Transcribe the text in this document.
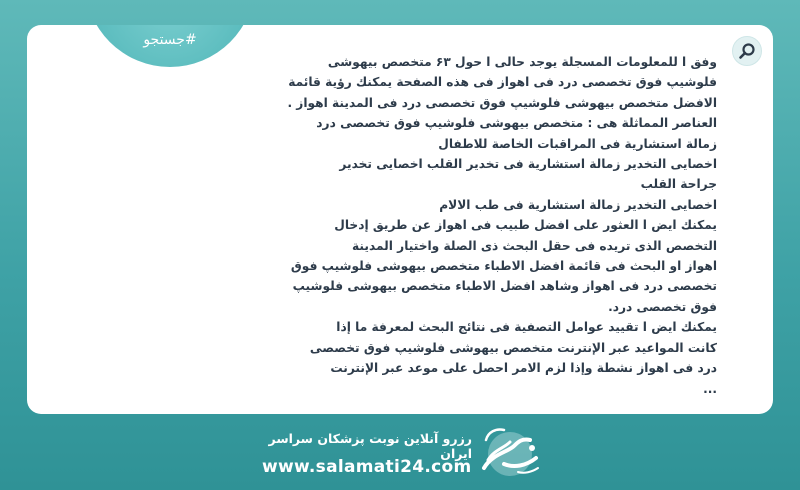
#جستجو

وفق ا للمعلومات المسجلة يوجد حالى ا حول ۶۳ متخصص بیهوشی

فلوشیپ فوق تخصصی درد فی اهواز فی هذه الصفحة یمكنك رؤیة قائمة

الافضل متخصص بیهوشی فلوشیپ فوق تخصصی درد فی المدینة اهواز .

العناصر المماثلة هی : متخصص بیهوشی فلوشیپ فوق تخصصی درد

زمالة استشارية فی المراقبات الخاصة للاطفال

اخصایی التخدیر زمالة استشارية فی تخدیر القلب اخصایی تخدیر

جراحة القلب

اخصایی التخدیر زمالة استشارية فی طب الالام

یمكنك ایض ا العثور علی افضل طبیب فی اهواز عن طریق إدخال

التخصص الذی تریده فی حقل البحث ذی الصلة واختیار المدینة

اهواز او البحث فی قائمة افضل الاطباء متخصص بیهوشی فلوشیپ فوق

تخصصی درد فی اهواز وشاهد افضل الاطباء متخصص بیهوشی فلوشیپ

فوق تخصصی درد.

یمكنك ایض ا تقیید عوامل التصفیة فی نتائج البحث لمعرفة ما إذا

كانت المواعید عبر الإنترنت متخصص بیهوشی فلوشیپ فوق تخصصی

درد فی اهواز نشطة وإذا لزم الامر احصل علی موعد عبر الإنترنت

...

رزرو آنلاین نوبت پزشکان سراسر ایران
www.salamati24.com
